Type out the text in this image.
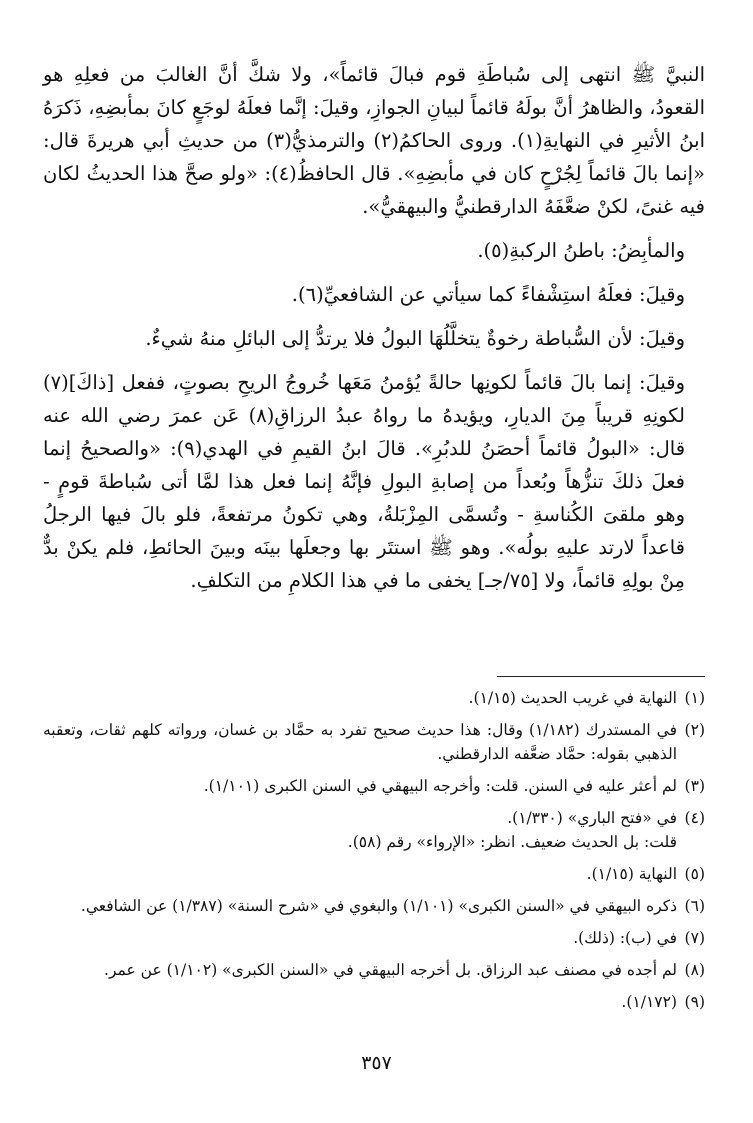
النبيَّ ﷺ انتهى إلى سُباطَةِ قوم فبالَ قائماً»، ولا شكَّ أنَّ الغالبَ من فعلِهِ هو القعودُ، والظاهرُ أنَّ بولَهُ قائماً لبيانِ الجوازِ، وقيلَ: إنَّما فعلَهُ لوجَعٍ كانَ بمأبضِهِ، ذَكرَهُ ابنُ الأثيرِ في النهايةِ(١). وروى الحاكمُ(٢) والترمذيُّ(٣) من حديثِ أبي هريرةَ قال: «إنما بالَ قائماً لِجُرْحٍ كان في مأبضِهِ». قال الحافظُ(٤): «ولو صحَّ هذا الحديثُ لكان فيه غنىً، لكنْ ضعَّفَهُ الدارقطنيُّ والبيهقيُّ».

والمأبِضُ: باطنُ الركبةِ(٥).

وقيلَ: فعلَهُ استِشْفاءً كما سيأتي عن الشافعيِّ(٦).

وقيلَ: لأن السُّباطة رخوةٌ يتخلَّلُهَا البولُ فلا يرتدُّ إلى البائلِ منهُ شيءٌ.

وقيلَ: إنما بالَ قائماً لكونِها حالةً يُؤمنُ مَعَها خُروجُ الريحِ بصوتٍ، ففعل [ذاكَ](٧) لكونِهِ قريباً مِنَ الديارِ، ويؤيدهُ ما رواهُ عبدُ الرزاقِ(٨) عَن عمرَ رضي الله عنه قال: «البولُ قائماً أحصَنُ للدبُرِ». قالَ ابنُ القيمِ في الهدي(٩): «والصحيحُ إنما فعلَ ذلكَ تنزُّهاً وبُعداً من إصابةِ البولِ فإنَّهُ إنما فعل هذا لمَّا أتى سُباطةَ قومٍ - وهو ملقىَ الكُناسةِ - وتُسمَّى المِزْبَلةُ، وهي تكونُ مرتفعةً، فلو بالَ فيها الرجلُ قاعداً لارتد عليهِ بولُه». وهو ﷺ استتَر بها وجعلَها بينَه وبينَ الحائطِ، فلم يكنْ بدٌّ مِنْ بولِهِ قائماً، ولا [٧٥/جـ] يخفى ما في هذا الكلامِ من التكلفِ.

(١)
النهاية في غريب الحديث (١/١٥).
(٢)
في المستدرك (١/١٨٢) وقال: هذا حديث صحيح تفرد به حمَّاد بن غسان، ورواته كلهم ثقات، وتعقبه الذهبي بقوله: حمَّاد ضعَّفه الدارقطني.
(٣)
لم أعثر عليه في السنن. قلت: وأخرجه البيهقي في السنن الكبرى (١/١٠١).
(٤)
في «فتح الباري» (١/٣٣٠).
قلت: بل الحديث ضعيف. انظر: «الإرواء» رقم (٥٨).
(٥)
النهاية (١/١٥).
(٦)
ذكره البيهقي في «السنن الكبرى» (١/١٠١) والبغوي في «شرح السنة» (١/٣٨٧) عن الشافعي.
(٧)
في (ب): (ذلك).
(٨)
لم أجده في مصنف عبد الرزاق. بل أخرجه البيهقي في «السنن الكبرى» (١/١٠٢) عن عمر.
(٩)
(١/١٧٢).
٣٥٧
